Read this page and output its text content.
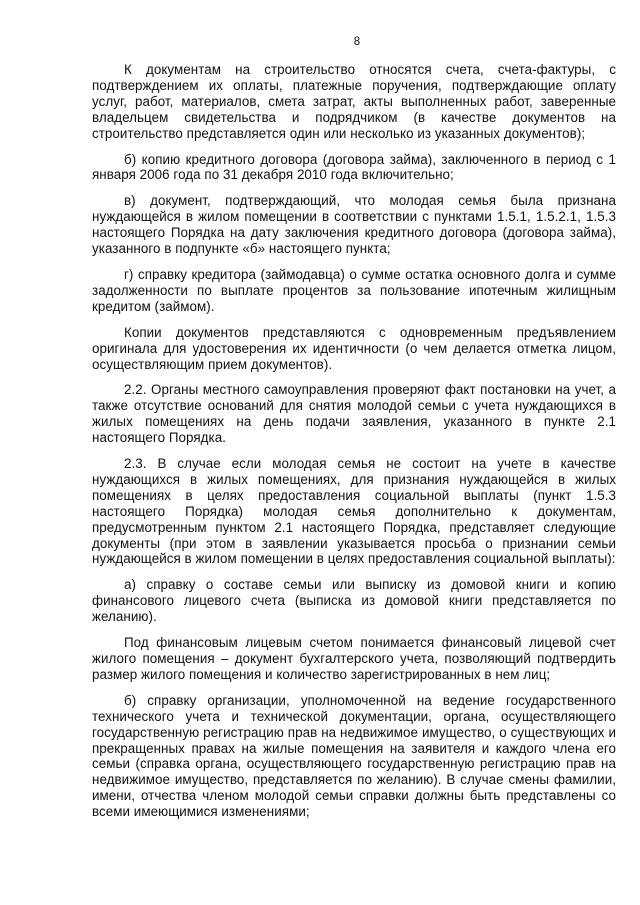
8

К документам на строительство относятся счета, счета-фактуры, с подтверждением их оплаты, платежные поручения, подтверждающие оплату услуг, работ, материалов, смета затрат, акты выполненных работ, заверенные владельцем свидетельства и подрядчиком (в качестве документов на строительство представляется один или несколько из указанных документов);

б) копию кредитного договора (договора займа), заключенного в период с 1 января 2006 года по 31 декабря 2010 года включительно;

в) документ, подтверждающий, что молодая семья была признана нуждающейся в жилом помещении в соответствии с пунктами 1.5.1, 1.5.2.1, 1.5.3 настоящего Порядка на дату заключения кредитного договора (договора займа), указанного в подпункте «б» настоящего пункта;

г) справку кредитора (займодавца) о сумме остатка основного долга и сумме задолженности по выплате процентов за пользование ипотечным жилищным кредитом (займом).

Копии документов представляются с одновременным предъявлением оригинала для удостоверения их идентичности (о чем делается отметка лицом, осуществляющим прием документов).

2.2. Органы местного самоуправления проверяют факт постановки на учет, а также отсутствие оснований для снятия молодой семьи с учета нуждающихся в жилых помещениях на день подачи заявления, указанного в пункте 2.1 настоящего Порядка.

2.3. В случае если молодая семья не состоит на учете в качестве нуждающихся в жилых помещениях, для признания нуждающейся в жилых помещениях в целях предоставления социальной выплаты (пункт 1.5.3 настоящего Порядка) молодая семья дополнительно к документам, предусмотренным пунктом 2.1 настоящего Порядка, представляет следующие документы (при этом в заявлении указывается просьба о признании семьи нуждающейся в жилом помещении в целях предоставления социальной выплаты):

а) справку о составе семьи или выписку из домовой книги и копию финансового лицевого счета (выписка из домовой книги представляется по желанию).

Под финансовым лицевым счетом понимается финансовый лицевой счет жилого помещения – документ бухгалтерского учета, позволяющий подтвердить размер жилого помещения и количество зарегистрированных в нем лиц;

б) справку организации, уполномоченной на ведение государственного технического учета и технической документации, органа, осуществляющего государственную регистрацию прав на недвижимое имущество, о существующих и прекращенных правах на жилые помещения на заявителя и каждого члена его семьи (справка органа, осуществляющего государственную регистрацию прав на недвижимое имущество, представляется по желанию). В случае смены фамилии, имени, отчества членом молодой семьи справки должны быть представлены со всеми имеющимися изменениями;
